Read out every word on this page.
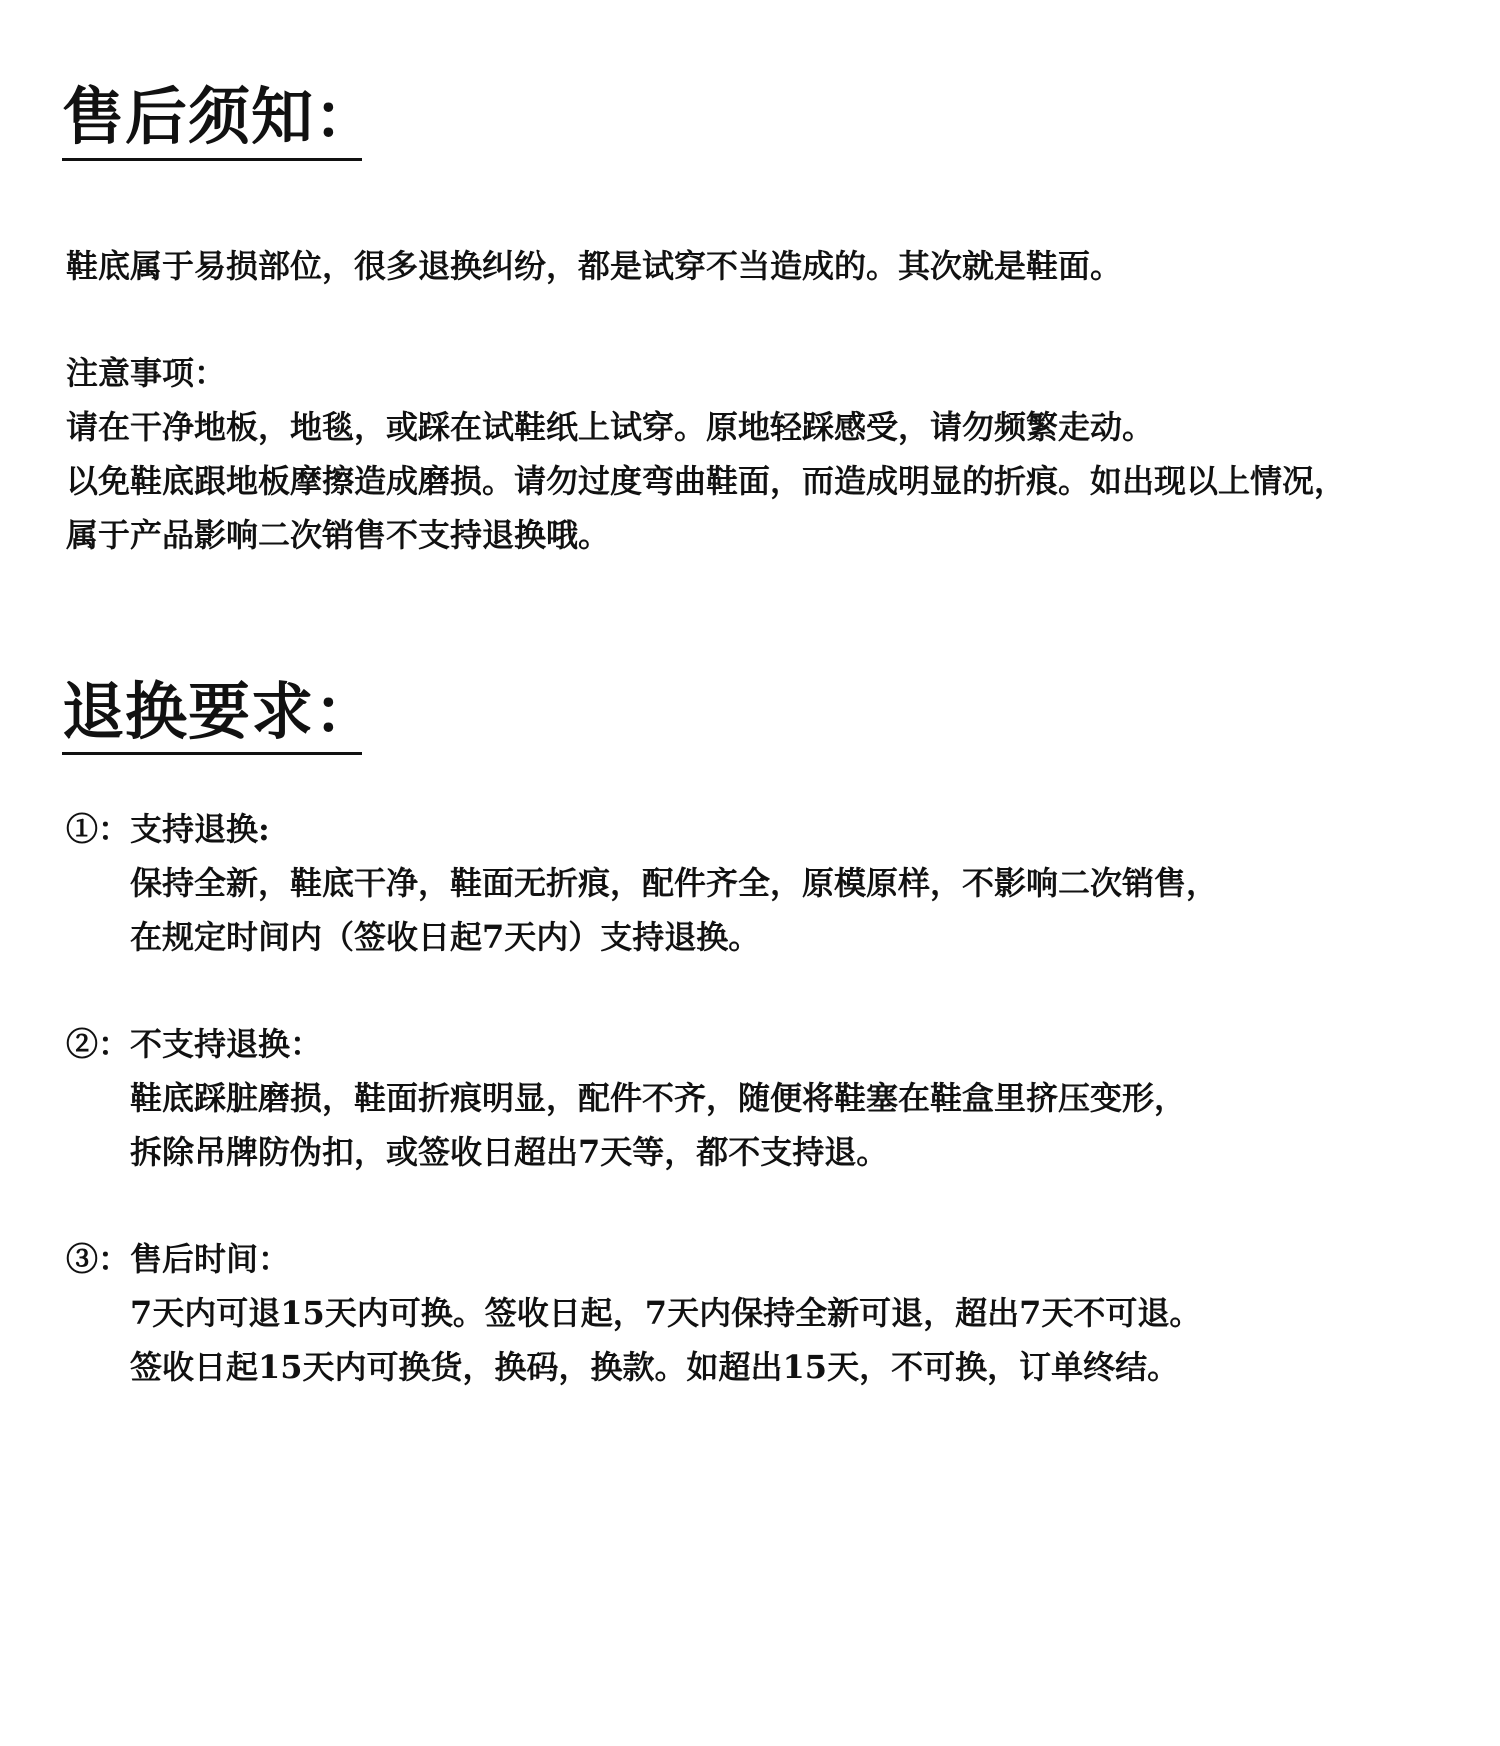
售后须知：

鞋底属于易损部位，很多退换纠纷，都是试穿不当造成的。其次就是鞋面。

注意事项：

请在干净地板，地毯，或踩在试鞋纸上试穿。原地轻踩感受，请勿频繁走动。

以免鞋底跟地板摩擦造成磨损。请勿过度弯曲鞋面，而造成明显的折痕。如出现以上情况，

属于产品影响二次销售不支持退换哦。

退换要求：

①：支持退换:

保持全新，鞋底干净，鞋面无折痕，配件齐全，原模原样，不影响二次销售，

在规定时间内（签收日起7天内）支持退换。

②：不支持退换：

鞋底踩脏磨损，鞋面折痕明显，配件不齐，随便将鞋塞在鞋盒里挤压变形，

拆除吊牌防伪扣，或签收日超出7天等，都不支持退。

③：售后时间：

7天内可退15天内可换。签收日起，7天内保持全新可退，超出7天不可退。

签收日起15天内可换货，换码，换款。如超出15天，不可换，订单终结。
